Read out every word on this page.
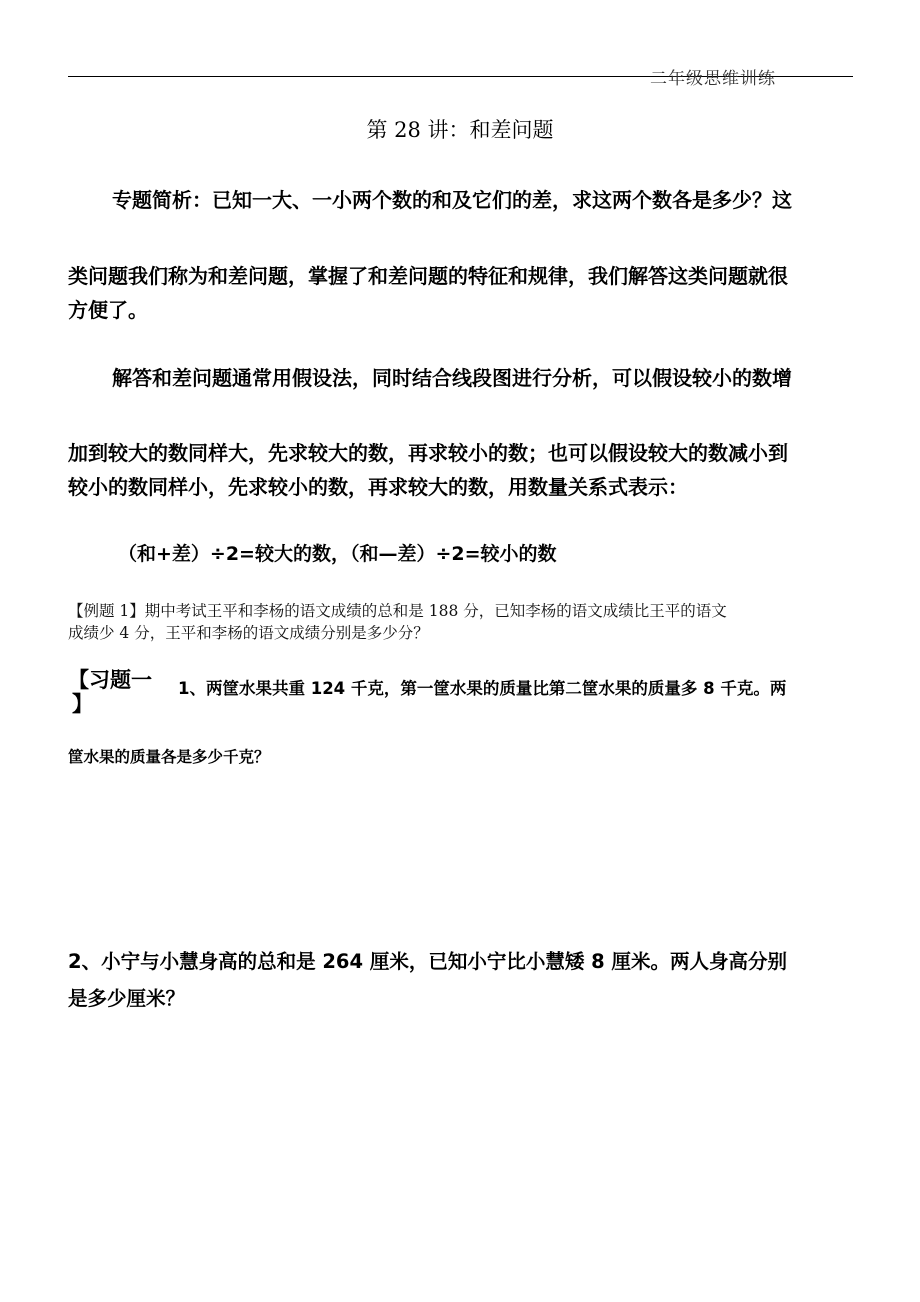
二年级思维训练
第 28 讲：和差问题
专题简析：已知一大、一小两个数的和及它们的差，求这两个数各是多少？这
类问题我们称为和差问题，掌握了和差问题的特征和规律，我们解答这类问题就很
方便了。
解答和差问题通常用假设法，同时结合线段图进行分析，可以假设较小的数增
加到较大的数同样大，先求较大的数，再求较小的数；也可以假设较大的数减小到
较小的数同样小，先求较小的数，再求较大的数，用数量关系式表示：
（和+差）÷2=较大的数，（和—差）÷2=较小的数
【例题 1】期中考试王平和李杨的语文成绩的总和是 188 分，已知李杨的语文成绩比王平的语文
成绩少 4 分，王平和李杨的语文成绩分别是多少分？
【习题一
】
1、两筐水果共重 124 千克，第一筐水果的质量比第二筐水果的质量多 8 千克。两
筐水果的质量各是多少千克？
2、小宁与小慧身高的总和是 264 厘米，已知小宁比小慧矮 8 厘米。两人身高分别
是多少厘米？
